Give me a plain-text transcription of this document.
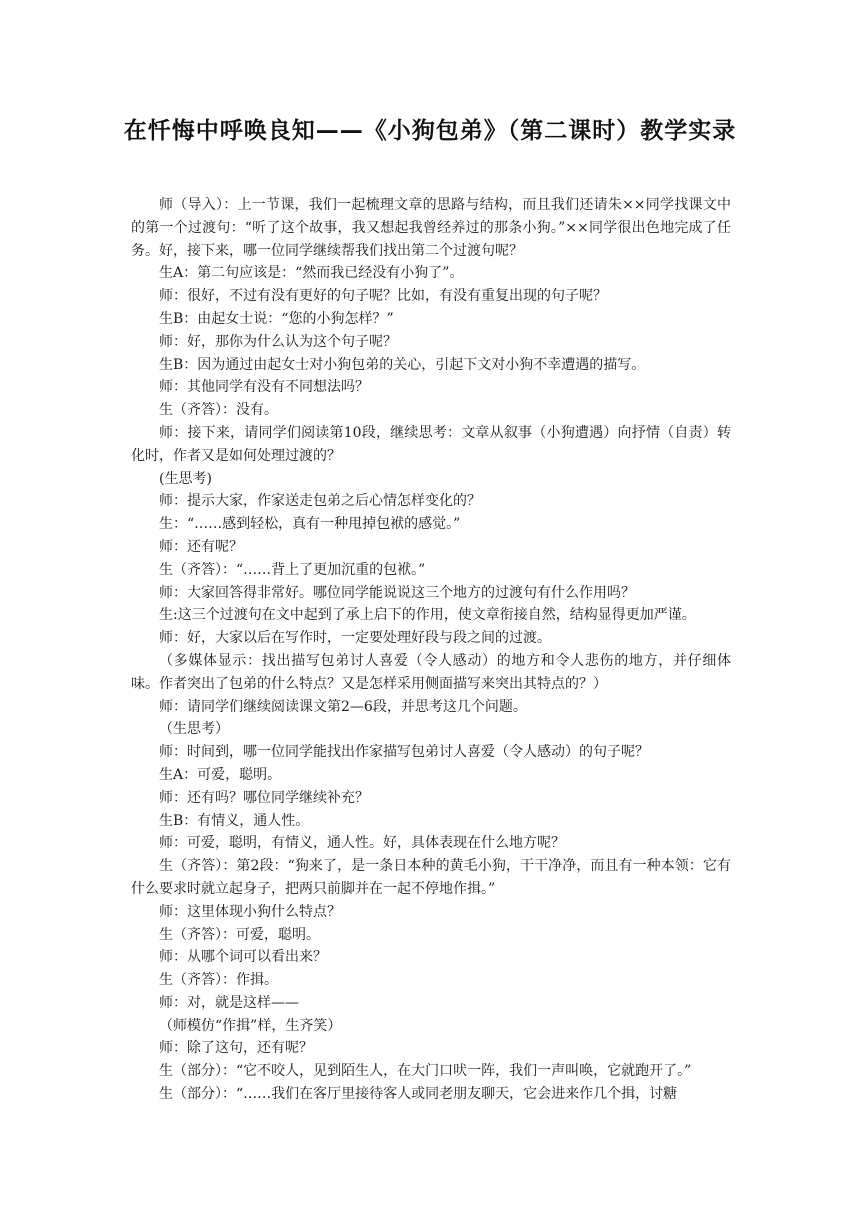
在忏悔中呼唤良知——《小狗包弟》（第二课时）教学实录

师（导入）：上一节课，我们一起梳理文章的思路与结构，而且我们还请朱××同学找课文中的第一个过渡句：“听了这个故事，我又想起我曾经养过的那条小狗。”××同学很出色地完成了任务。好，接下来，哪一位同学继续帮我们找出第二个过渡句呢？

生A：第二句应该是：“然而我已经没有小狗了”。

师：很好，不过有没有更好的句子呢？比如，有没有重复出现的句子呢？

生B：由起女士说：“您的小狗怎样？”

师：好，那你为什么认为这个句子呢？

生B：因为通过由起女士对小狗包弟的关心，引起下文对小狗不幸遭遇的描写。

师：其他同学有没有不同想法吗？

生（齐答）：没有。

师：接下来，请同学们阅读第10段，继续思考：文章从叙事（小狗遭遇）向抒情（自责）转化时，作者又是如何处理过渡的？

(生思考)

师：提示大家，作家送走包弟之后心情怎样变化的？

生：“……感到轻松，真有一种甩掉包袱的感觉。”

师：还有呢？

生（齐答）：“……背上了更加沉重的包袱。”

师：大家回答得非常好。哪位同学能说说这三个地方的过渡句有什么作用吗？

生:这三个过渡句在文中起到了承上启下的作用，使文章衔接自然，结构显得更加严谨。

师：好，大家以后在写作时，一定要处理好段与段之间的过渡。

（多媒体显示：找出描写包弟讨人喜爱（令人感动）的地方和令人悲伤的地方，并仔细体味。作者突出了包弟的什么特点？又是怎样采用侧面描写来突出其特点的？）

师：请同学们继续阅读课文第2—6段，并思考这几个问题。

（生思考）

师：时间到，哪一位同学能找出作家描写包弟讨人喜爱（令人感动）的句子呢？

生A：可爱，聪明。

师：还有吗？哪位同学继续补充？

生B：有情义，通人性。

师：可爱，聪明，有情义，通人性。好，具体表现在什么地方呢？

生（齐答）：第2段：“狗来了，是一条日本种的黄毛小狗，干干净净，而且有一种本领：它有什么要求时就立起身子，把两只前脚并在一起不停地作揖。”

师：这里体现小狗什么特点？

生（齐答）：可爱，聪明。

师：从哪个词可以看出来？

生（齐答）：作揖。

师：对，就是这样——

（师模仿“作揖”样，生齐笑）

师：除了这句，还有呢？

生（部分）：“它不咬人，见到陌生人，在大门口吠一阵，我们一声叫唤，它就跑开了。”

生（部分）：“……我们在客厅里接待客人或同老朋友聊天，它会进来作几个揖，讨糖
